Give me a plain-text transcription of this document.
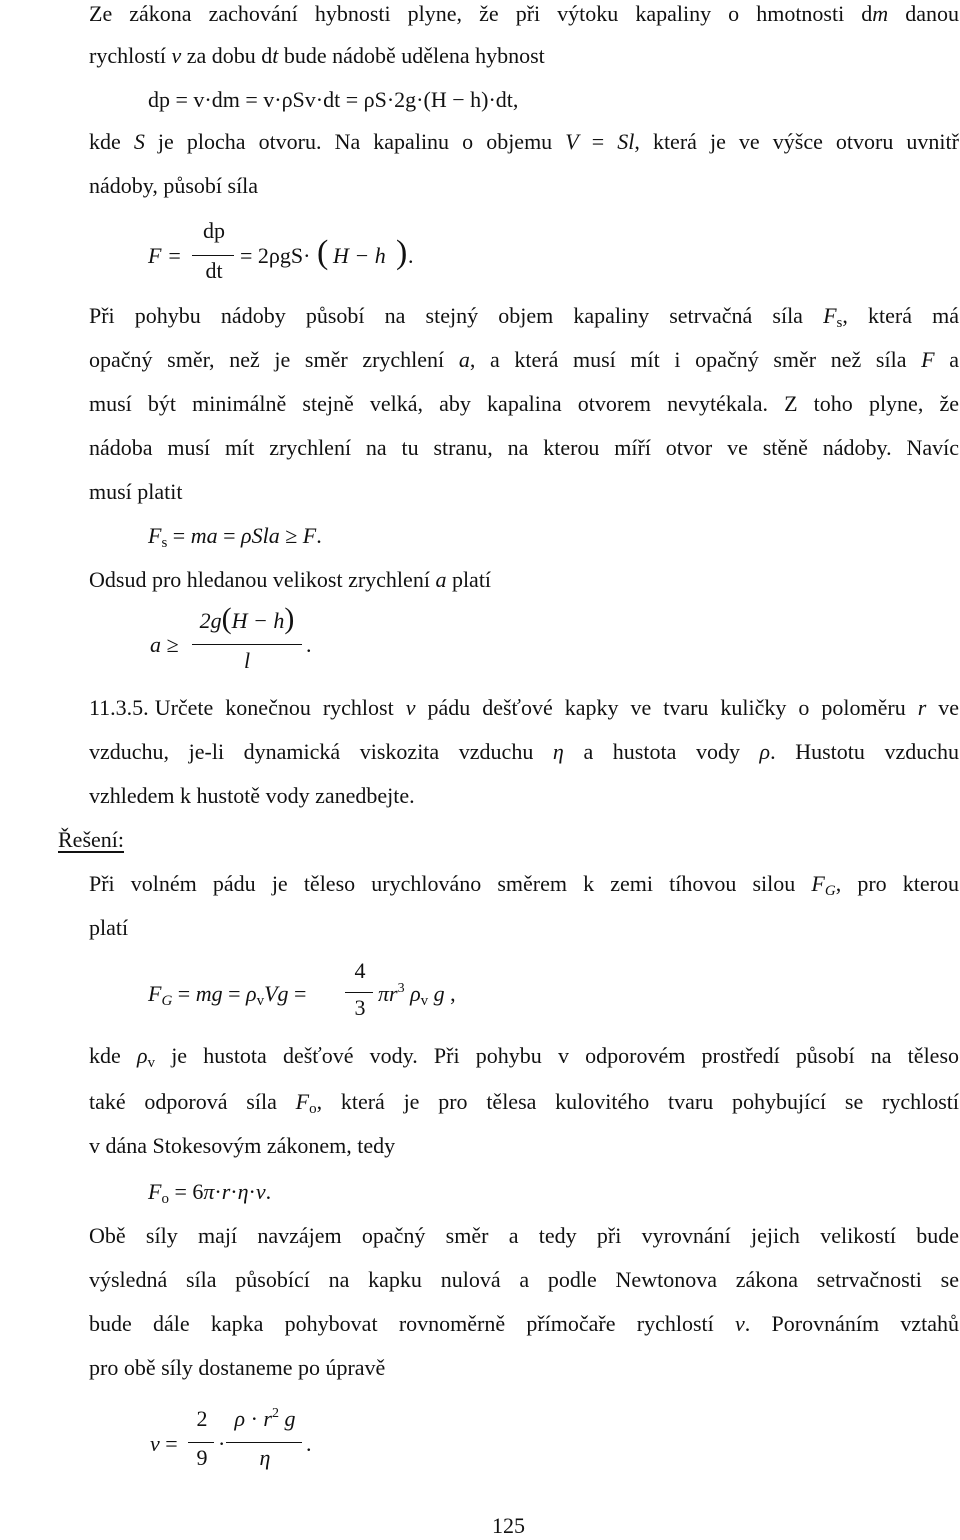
Ze zákona zachování hybnosti plyne, že při výtoku kapaliny o hmotnosti dm danou
rychlostí v za dobu dt bude nádobě udělena hybnost
dp = v·dm = v·ρSv·dt = ρS·2g·(H − h)·dt,
kde S je plocha otvoru. Na kapalinu o objemu V = Sl, která je ve výšce otvoru uvnitř
nádoby, působí síla
F =
dp
dt
= 2ρgS· ( H − h ) .
Při pohybu nádoby působí na stejný objem kapaliny setrvačná síla $F_s$, která má
opačný směr, než je směr zrychlení a, a která musí mít i opačný směr než síla F a
musí být minimálně stejně velká, aby kapalina otvorem nevytékala. Z toho plyne, že
nádoba musí mít zrychlení na tu stranu, na kterou míří otvor ve stěně nádoby. Navíc
musí platit
$F_s$ = ma = ρSla ≥ F.
Odsud pro hledanou velikost zrychlení a platí
a ≥
2g(H − h)
l
.
11.3.5. Určete konečnou rychlost v pádu dešťové kapky ve tvaru kuličky o poloměru r ve
vzduchu, je-li dynamická viskozita vzduchu η a hustota vody ρ. Hustotu vzduchu
vzhledem k hustotě vody zanedbejte.
Řešení:
Při volném pádu je těleso urychlováno směrem k zemi tíhovou silou $F_G$, pro kterou
platí
$F_G$ = mg = $\rho_vVg$ =
4
3
$\pi r^3$ $\rho_v$ g ,
kde $\rho_v$ je hustota dešťové vody. Při pohybu v odporovém prostředí působí na těleso
také odporová síla $F_o$, která je pro tělesa kulovitého tvaru pohybující se rychlostí
v dána Stokesovým zákonem, tedy
$F_o = 6\pi\cdot r\cdot\eta\cdot v$.
Obě síly mají navzájem opačný směr a tedy při vyrovnání jejich velikostí bude
výsledná síla působící na kapku nulová a podle Newtonova zákona setrvačnosti se
bude dále kapka pohybovat rovnoměrně přímočaře rychlostí v. Porovnáním vztahů
pro obě síly dostaneme po úpravě
v =
2
9
·
$\rho \cdot r^2$ g
η
.
125
